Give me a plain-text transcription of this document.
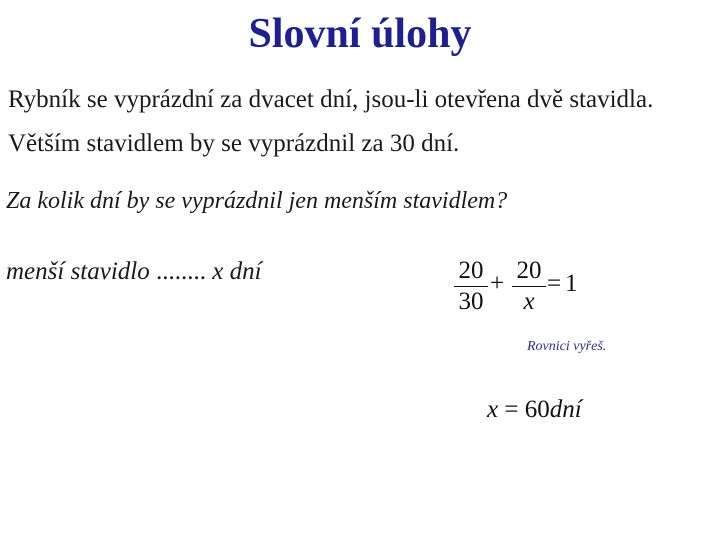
Slovní úlohy
Rybník se vyprázdní za dvacet dní, jsou-li otevřena dvě stavidla.
Větším stavidlem by se vyprázdnil za 30 dní.
Za kolik dní by se vyprázdnil jen menším stavidlem?
menší stavidlo ........ x dní	20
30
+ 20
x
= 1
Rovnici vyřeš.
x = 60dní
